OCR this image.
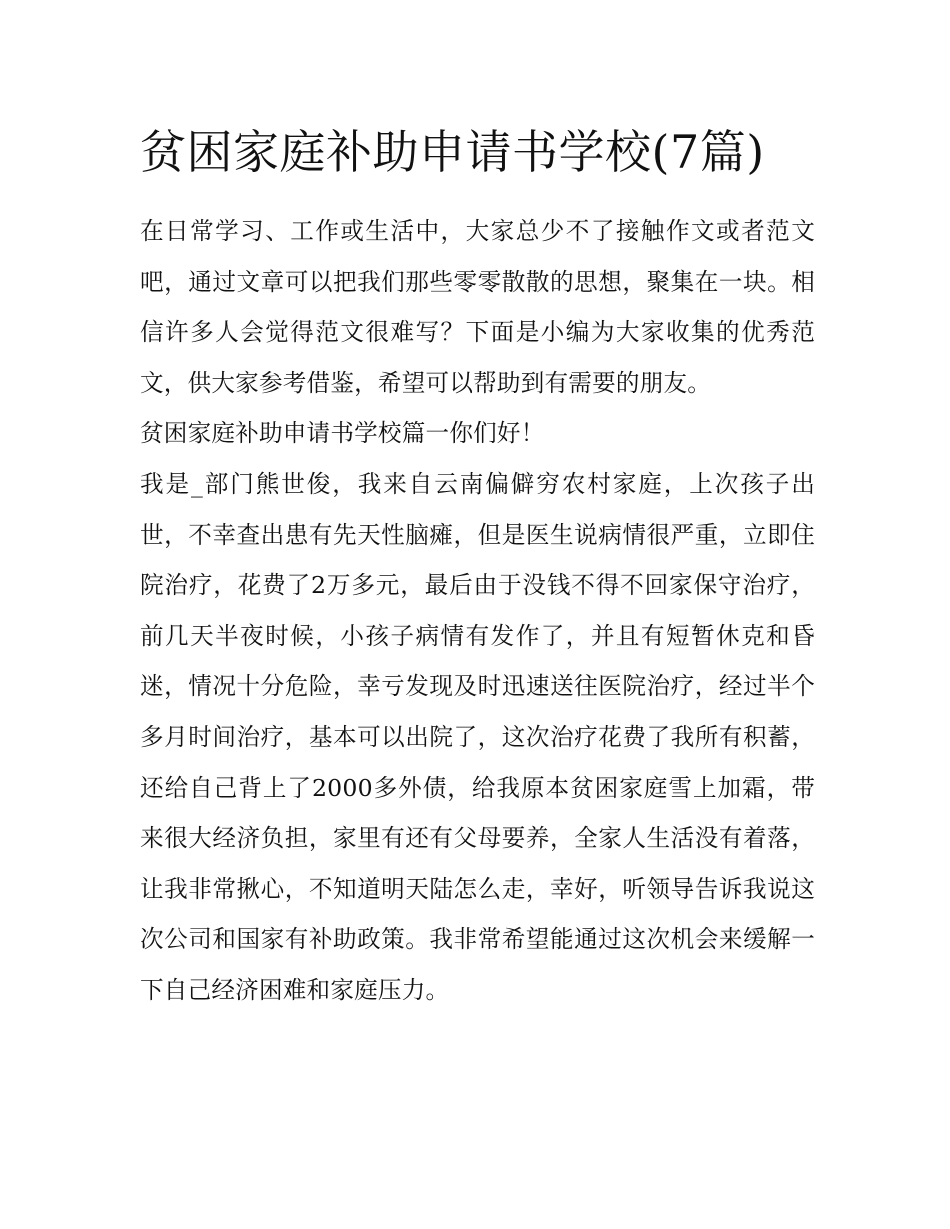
贫困家庭补助申请书学校(7篇)

在日常学习、工作或生活中，大家总少不了接触作文或者范文吧，通过文章可以把我们那些零零散散的思想，聚集在一块。相信许多人会觉得范文很难写？下面是小编为大家收集的优秀范文，供大家参考借鉴，希望可以帮助到有需要的朋友。

贫困家庭补助申请书学校篇一你们好！

我是_部门熊世俊，我来自云南偏僻穷农村家庭，上次孩子出世，不幸查出患有先天性脑瘫，但是医生说病情很严重，立即住院治疗，花费了2万多元，最后由于没钱不得不回家保守治疗，前几天半夜时候，小孩子病情有发作了，并且有短暂休克和昏迷，情况十分危险，幸亏发现及时迅速送往医院治疗，经过半个多月时间治疗，基本可以出院了，这次治疗花费了我所有积蓄，还给自己背上了2000多外债，给我原本贫困家庭雪上加霜，带来很大经济负担，家里有还有父母要养，全家人生活没有着落，让我非常揪心，不知道明天陆怎么走，幸好，听领导告诉我说这次公司和国家有补助政策。我非常希望能通过这次机会来缓解一下自己经济困难和家庭压力。
